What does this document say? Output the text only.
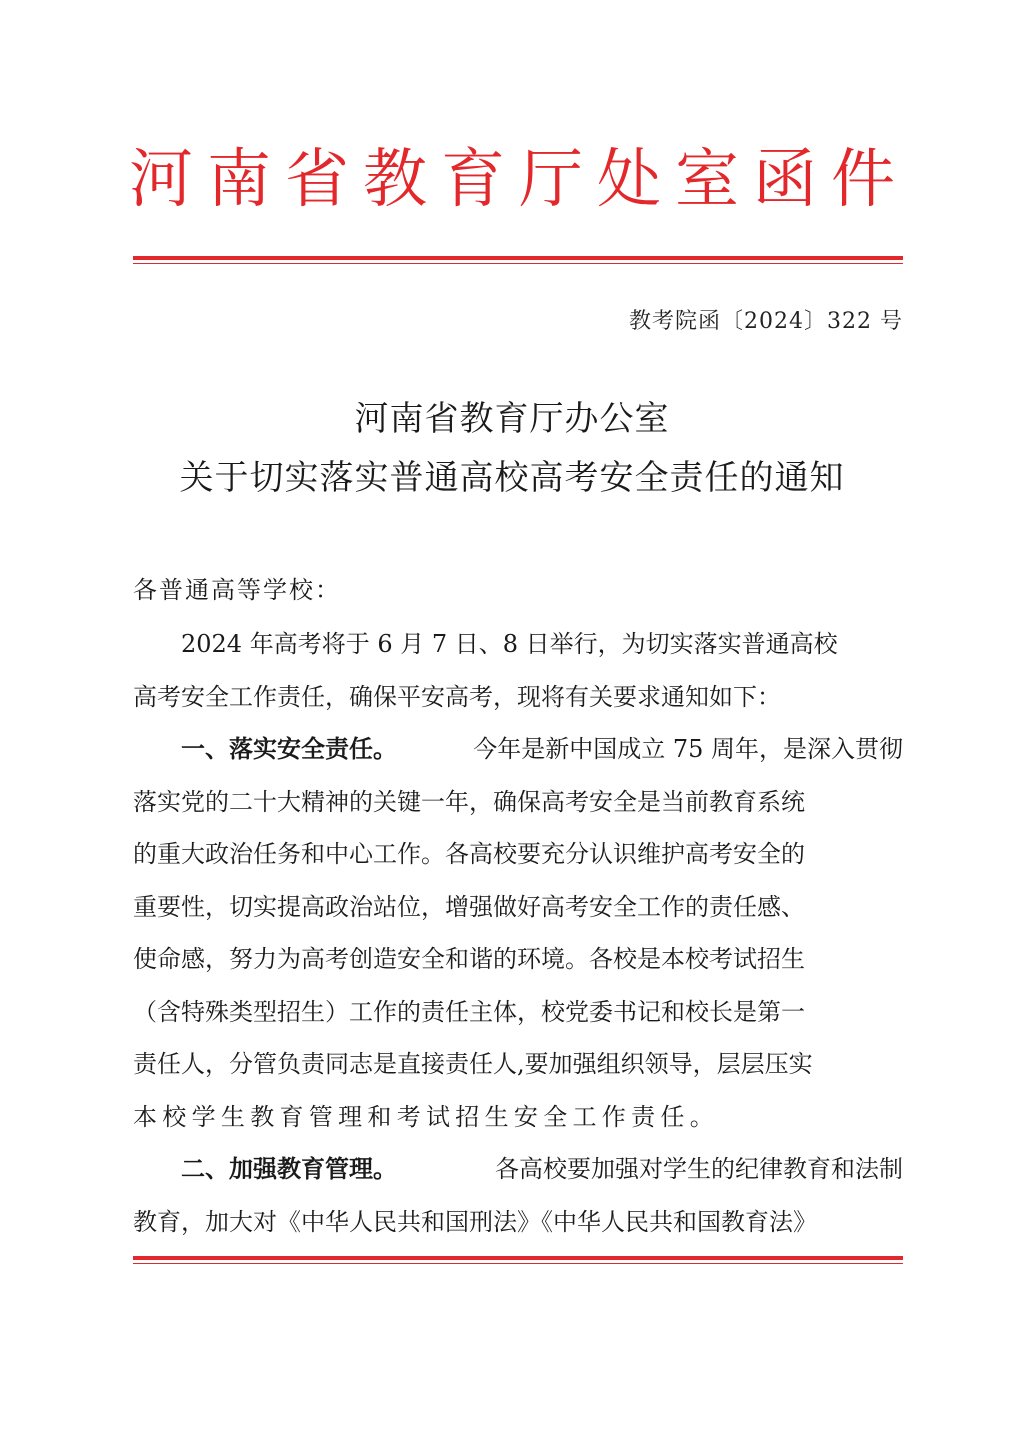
河南省教育厅处室函件
教考院函〔2024〕322 号
河南省教育厅办公室
关于切实落实普通高校高考安全责任的通知
各普通高等学校：
2024 年高考将于 6 月 7 日、8 日举行，为切实落实普通高校
高考安全工作责任，确保平安高考，现将有关要求通知如下：
一、落实安全责任。	今年是新中国成立 75 周年，是深入贯彻
落实党的二十大精神的关键一年，确保高考安全是当前教育系统
的重大政治任务和中心工作。各高校要充分认识维护高考安全的
重要性，切实提高政治站位，增强做好高考安全工作的责任感、
使命感，努力为高考创造安全和谐的环境。各校是本校考试招生
（含特殊类型招生）工作的责任主体，校党委书记和校长是第一
责任人，分管负责同志是直接责任人,要加强组织领导，层层压实
本校学生教育管理和考试招生安全工作责任。
二、加强教育管理。	各高校要加强对学生的纪律教育和法制
教育，加大对《中华人民共和国刑法》《中华人民共和国教育法》
